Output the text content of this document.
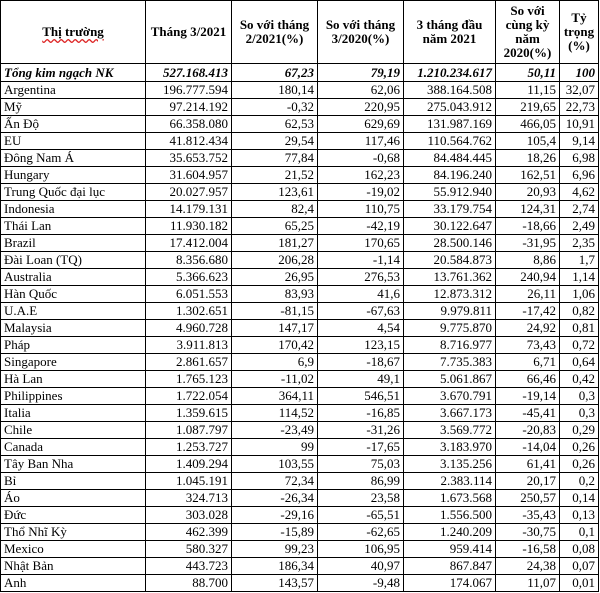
Thị trường	Tháng 3/2021	So với tháng 2/2021(%)	So với tháng 3/2020(%)	3 tháng đầu năm 2021	So với cùng kỳ năm 2020(%)	Tỷ trọng (%)
Tổng kim ngạch NK	527.168.413	67,23	79,19	1.210.234.617	50,11	100
Argentina	196.777.594	180,14	62,06	388.164.508	11,15	32,07
Mỹ	97.214.192	-0,32	220,95	275.043.912	219,65	22,73
Ấn Độ	66.358.080	62,53	629,69	131.987.169	466,05	10,91
EU	41.812.434	29,54	117,46	110.564.762	105,4	9,14
Đông Nam Á	35.653.752	77,84	-0,68	84.484.445	18,26	6,98
Hungary	31.604.957	21,52	162,23	84.196.240	162,51	6,96
Trung Quốc đại lục	20.027.957	123,61	-19,02	55.912.940	20,93	4,62
Indonesia	14.179.131	82,4	110,75	33.179.754	124,31	2,74
Thái Lan	11.930.182	65,25	-42,19	30.122.647	-18,66	2,49
Brazil	17.412.004	181,27	170,65	28.500.146	-31,95	2,35
Đài Loan (TQ)	8.356.680	206,28	-1,14	20.584.873	8,86	1,7
Australia	5.366.623	26,95	276,53	13.761.362	240,94	1,14
Hàn Quốc	6.051.553	83,93	41,6	12.873.312	26,11	1,06
U.A.E	1.302.651	-81,15	-67,63	9.979.811	-17,42	0,82
Malaysia	4.960.728	147,17	4,54	9.775.870	24,92	0,81
Pháp	3.911.813	170,42	123,15	8.716.977	73,43	0,72
Singapore	2.861.657	6,9	-18,67	7.735.383	6,71	0,64
Hà Lan	1.765.123	-11,02	49,1	5.061.867	66,46	0,42
Philippines	1.722.054	364,11	546,51	3.670.791	-19,14	0,3
Italia	1.359.615	114,52	-16,85	3.667.173	-45,41	0,3
Chile	1.087.797	-23,49	-31,26	3.569.772	-20,83	0,29
Canada	1.253.727	99	-17,65	3.183.970	-14,04	0,26
Tây Ban Nha	1.409.294	103,55	75,03	3.135.256	61,41	0,26
Bỉ	1.045.191	72,34	86,99	2.383.114	20,17	0,2
Áo	324.713	-26,34	23,58	1.673.568	250,57	0,14
Đức	303.028	-29,16	-65,51	1.556.500	-35,43	0,13
Thổ Nhĩ Kỳ	462.399	-15,89	-62,65	1.240.209	-30,75	0,1
Mexico	580.327	99,23	106,95	959.414	-16,58	0,08
Nhật Bản	443.723	186,34	40,97	867.847	24,38	0,07
Anh	88.700	143,57	-9,48	174.067	11,07	0,01
